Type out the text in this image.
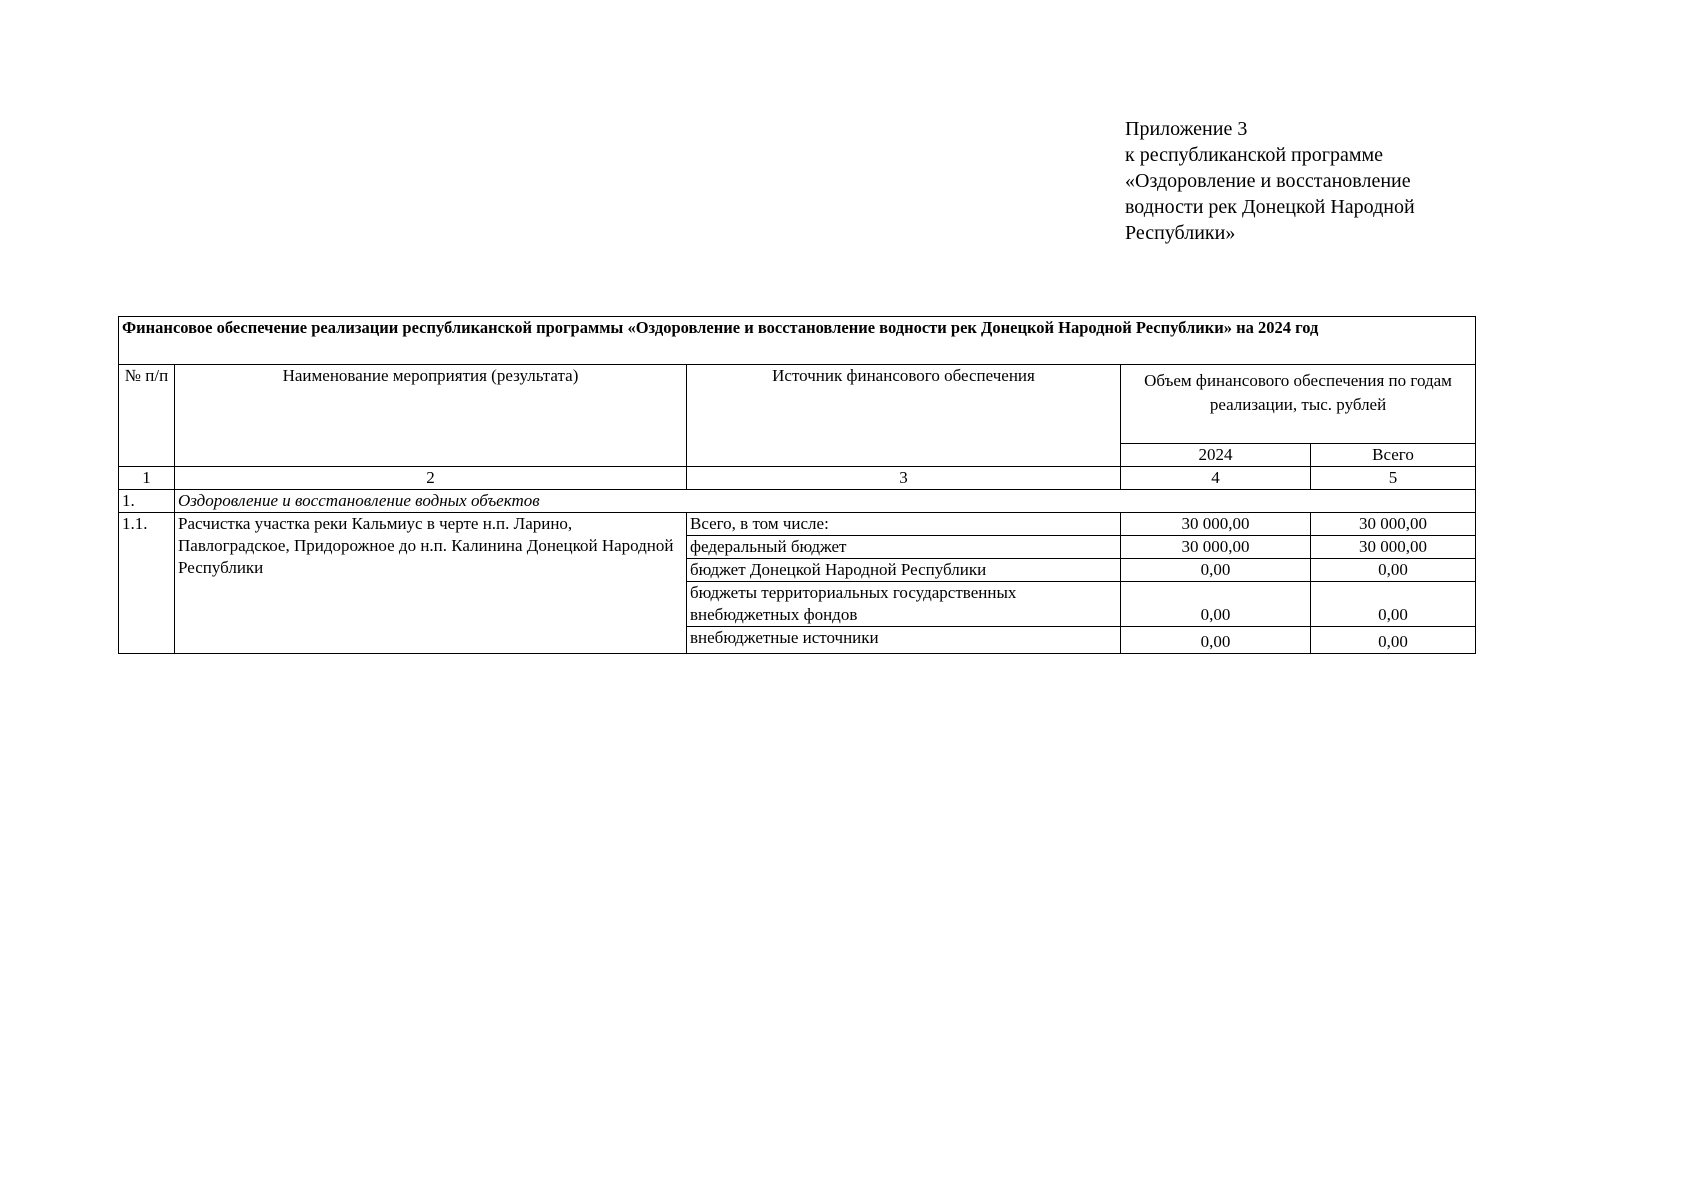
Приложение 3
к республиканской программе
«Оздоровление и восстановление
водности рек Донецкой Народной
Республики»
Финансовое обеспечение реализации республиканской программы «Оздоровление и восстановление водности рек Донецкой Народной Республики» на 2024 год				
№ п/п	Наименование мероприятия (результата)	Источник финансового обеспечения	Объем финансового обеспечения по годам реализации, тыс. рублей	
			2024	Всего
1	2	3	4	5
1.	Оздоровление и восстановление водных объектов			
1.1.	Расчистка участка реки Кальмиус в черте н.п. Ларино, Павлоградское, Придорожное до н.п. Калинина Донецкой Народной Республики	Всего, в том числе:	30 000,00	30 000,00
		федеральный бюджет	30 000,00	30 000,00
		бюджет Донецкой Народной Республики	0,00	0,00
		бюджеты территориальных государственных внебюджетных фондов	0,00	0,00
		внебюджетные источники	0,00	0,00
